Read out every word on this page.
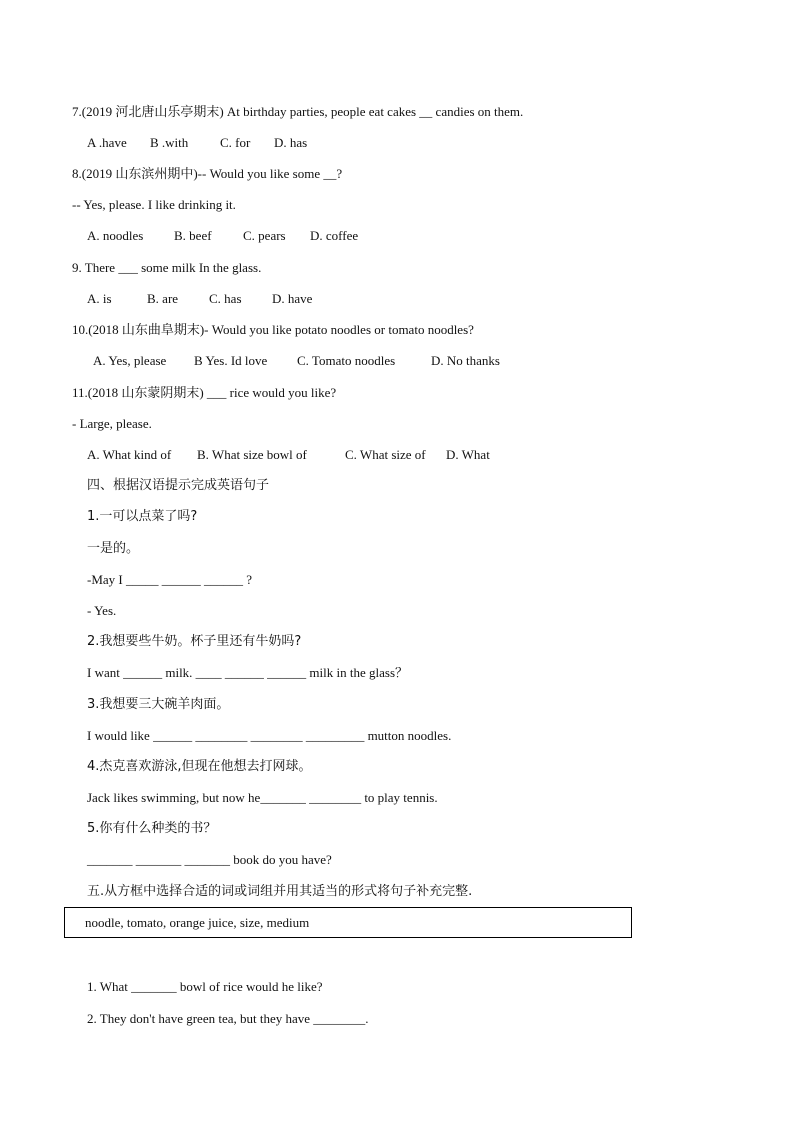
7.(2019 河北唐山乐亭期末) At birthday parties, people eat cakes __ candies on them.
A .have B .with C. for D. has
8.(2019 山东滨州期中)-- Would you like some __?
-- Yes, please. I like drinking it.
A. noodles B. beef C. pears D. coffee
9. There ___ some milk In the glass.
A. is	B. are C. has D. have
10.(2018 山东曲阜期末)- Would you like potato noodles or tomato noodles?
A. Yes, please B Yes. Id love C. Tomato noodles	D. No thanks
11.(2018 山东蒙阴期末) ___ rice would you like?
- Large, please.
A. What kind of B. What size bowl of	C. What size of D. What
四、根据汉语提示完成英语句子
1.一可以点菜了吗?
一是的。
-May I _____ ______ ______ ?
- Yes.
2.我想要些牛奶。杯子里还有牛奶吗?
I want ______ milk. ____ ______ ______ milk in the glass？
3.我想要三大碗羊肉面。
I would like ______ ________ ________ _________ mutton noodles.
4.杰克喜欢游泳,但现在他想去打网球。
Jack likes swimming, but now he_______ ________ to play tennis.
5.你有什么种类的书？
_______ _______ _______ book do you have?
五.从方框中选择合适的词或词组并用其适当的形式将句子补充完整.
noodle, tomato, orange juice, size, medium
1. What _______ bowl of rice would he like?
2. They don't have green tea, but they have ________.
